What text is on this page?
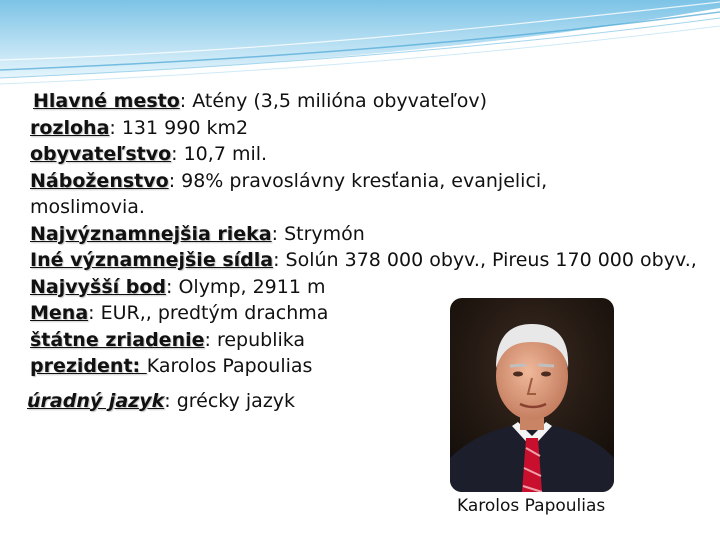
Hlavné mesto: Atény (3,5 milióna obyvateľov)
rozloha: 131 990 km2
obyvateľstvo: 10,7 mil.
Náboženstvo: 98% pravoslávny kresťania, evanjelici, moslimovia.
Najvýznamnejšia rieka: Strymón
Iné významnejšie sídla: Solún 378 000 obyv., Pireus 170 000 obyv.,
Najvyšší bod: Olymp, 2911 m
Mena: EUR,, predtým drachma
štátne zriadenie: republika
prezident: Karolos Papoulias
úradný jazyk: grécky jazyk
Karolos Papoulias
